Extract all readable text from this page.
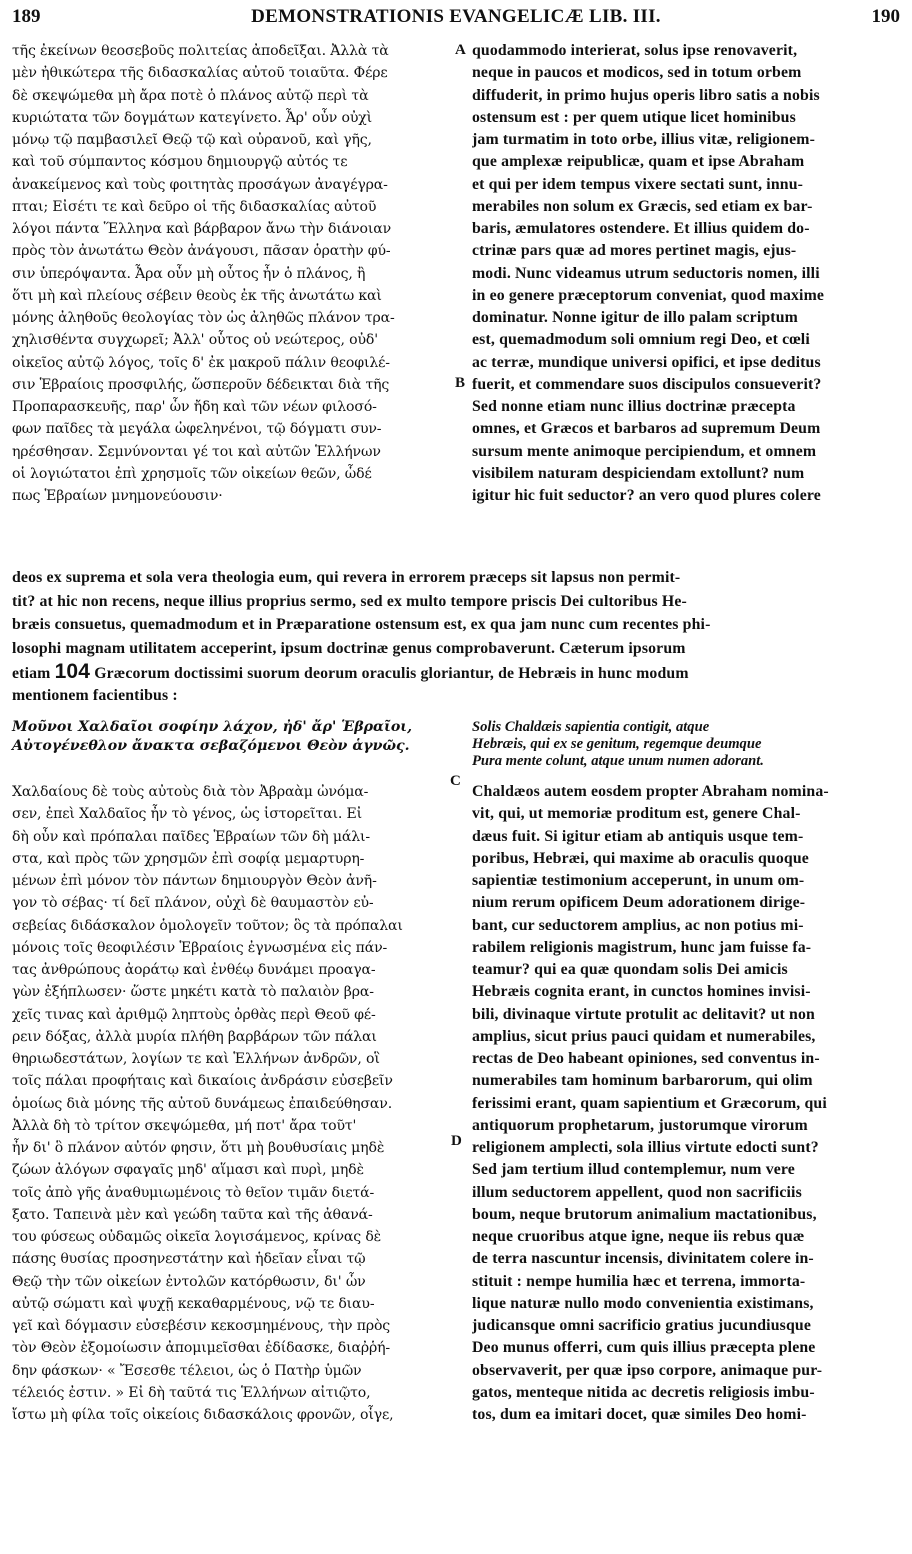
189	DEMONSTRATIONIS EVANGELICÆ LIB. III.	190
τῆς ἐκείνων θεοσεβοῦς πολιτείας ἀποδεῖξαι. Ἀλλὰ τὰ
μὲν ἠθικώτερα τῆς διδασκαλίας αὐτοῦ τοιαῦτα. Φέρε
δὲ σκεψώμεθα μὴ ἄρα ποτὲ ὁ πλάνος αὐτῷ περὶ τὰ
κυριώτατα τῶν δογμάτων κατεγίνετο. Ἆρ' οὖν οὐχὶ
μόνῳ τῷ παμβασιλεῖ Θεῷ τῷ καὶ οὐρανοῦ, καὶ γῆς,
καὶ τοῦ σύμπαντος κόσμου δημιουργῷ αὐτός τε
ἀνακείμενος καὶ τοὺς φοιτητὰς προσάγων ἀναγέγρα-
πται; Εἰσέτι τε καὶ δεῦρο οἱ τῆς διδασκαλίας αὐτοῦ
λόγοι πάντα Ἕλληνα καὶ βάρβαρον ἄνω τὴν διάνοιαν
πρὸς τὸν ἀνωτάτω Θεὸν ἀνάγουσι, πᾶσαν ὁρατὴν φύ-
σιν ὑπερόψαντα. Ἆρα οὖν μὴ οὗτος ἦν ὁ πλάνος, ἢ
ὅτι μὴ καὶ πλείους σέβειν θεοὺς ἐκ τῆς ἀνωτάτω καὶ
μόνης ἀληθοῦς θεολογίας τὸν ὡς ἀληθῶς πλάνον τρα-
χηλισθέντα συγχωρεῖ; Ἀλλ' οὗτος οὐ νεώτερος, οὐδ'
οἰκεῖος αὐτῷ λόγος, τοῖς δ' ἐκ μακροῦ πάλιν θεοφιλέ-
σιν Ἑβραίοις προσφιλής, ὥσπεροῦν δέδεικται διὰ τῆς
Προπαρασκευῆς, παρ' ὧν ἤδη καὶ τῶν νέων φιλοσό-
φων παῖδες τὰ μεγάλα ὠφεληνένοι, τῷ δόγματι συν-
ηρέσθησαν. Σεμνύνονται γέ τοι καὶ αὐτῶν Ἑλλήνων
οἱ λογιώτατοι ἐπὶ χρησμοῖς τῶν οἰκείων θεῶν, ὧδέ
πως Ἑβραίων μνημονεύουσιν·
quodammodo interierat, solus ipse renovaverit,
neque in paucos et modicos, sed in totum orbem
diffuderit, in primo hujus operis libro satis a nobis
ostensum est : per quem utique licet hominibus
jam turmatim in toto orbe, illius vitæ, religionem-
que amplexæ reipublicæ, quam et ipse Abraham
et qui per idem tempus vixere sectati sunt, innu-
merabiles non solum ex Græcis, sed etiam ex bar-
baris, æmulatores ostendere. Et illius quidem do-
ctrinæ pars quæ ad mores pertinet magis, ejus-
modi. Nunc videamus utrum seductoris nomen, illi
in eo genere præceptorum conveniat, quod maxime
dominatur. Nonne igitur de illo palam scriptum
est, quemadmodum soli omnium regi Deo, et cœli
ac terræ, mundique universi opifici, et ipse deditus
fuerit, et commendare suos discipulos consueverit?
Sed nonne etiam nunc illius doctrinæ præcepta
omnes, et Græcos et barbaros ad supremum Deum
sursum mente animoque percipiendum, et omnem
visibilem naturam despiciendam extollunt? num
igitur hic fuit seductor? an vero quod plures colere
A
B
deos ex suprema et sola vera theologia eum, qui revera in errorem præceps sit lapsus non permit-
tit? at hic non recens, neque illius proprius sermo, sed ex multo tempore priscis Dei cultoribus He-
bræis consuetus, quemadmodum et in Præparatione ostensum est, ex qua jam nunc cum recentes phi-
losophi magnam utilitatem acceperint, ipsum doctrinæ genus comprobaverunt. Cæterum ipsorum
etiam 104 Græcorum doctissimi suorum deorum oraculis gloriantur, de Hebræis in hunc modum
mentionem facientibus :
Μοῦνοι Χαλδαῖοι σοφίην λάχον, ἠδ' ἄρ' Ἑβραῖοι,
Αὐτογένεθλον ἄνακτα σεβαζόμενοι Θεὸν ἁγνῶς.
Solis Chaldæis sapientia contigit, atque
Hebræis, qui ex se genitum, regemque deumque
Pura mente colunt, atque unum numen adorant.
C
D
Χαλδαίους δὲ τοὺς αὐτοὺς διὰ τὸν Ἀβραὰμ ὠνόμα-
σεν, ἐπεὶ Χαλδαῖος ἦν τὸ γένος, ὡς ἱστορεῖται. Εἰ
δὴ οὖν καὶ πρόπαλαι παῖδες Ἑβραίων τῶν δὴ μάλι-
στα, καὶ πρὸς τῶν χρησμῶν ἐπὶ σοφίᾳ μεμαρτυρη-
μένων ἐπὶ μόνον τὸν πάντων δημιουργὸν Θεὸν ἀνῆ-
γον τὸ σέβας· τί δεῖ πλάνον, οὐχὶ δὲ θαυμαστὸν εὐ-
σεβείας διδάσκαλον ὁμολογεῖν τοῦτον; ὃς τὰ πρόπαλαι
μόνοις τοῖς θεοφιλέσιν Ἑβραίοις ἐγνωσμένα εἰς πάν-
τας ἀνθρώπους ἀοράτῳ καὶ ἐνθέῳ δυνάμει προαγα-
γὼν ἐξήπλωσεν· ὥστε μηκέτι κατὰ τὸ παλαιὸν βρα-
χεῖς τινας καὶ ἀριθμῷ ληπτοὺς ὀρθὰς περὶ Θεοῦ φέ-
ρειν δόξας, ἀλλὰ μυρία πλήθη βαρβάρων τῶν πάλαι
θηριωδεστάτων, λογίων τε καὶ Ἑλλήνων ἀνδρῶν, οἳ
τοῖς πάλαι προφήταις καὶ δικαίοις ἀνδράσιν εὐσεβεῖν
ὁμοίως διὰ μόνης τῆς αὐτοῦ δυνάμεως ἐπαιδεύθησαν.
Ἀλλὰ δὴ τὸ τρίτον σκεψώμεθα, μή ποτ' ἄρα τοῦτ'
ἦν δι' ὃ πλάνον αὐτόν φησιν, ὅτι μὴ βουθυσίαις μηδὲ
ζώων ἀλόγων σφαγαῖς μηδ' αἵμασι καὶ πυρὶ, μηδὲ
τοῖς ἀπὸ γῆς ἀναθυμιωμένοις τὸ θεῖον τιμᾶν διετά-
ξατο. Ταπεινὰ μὲν καὶ γεώδη ταῦτα καὶ τῆς ἀθανά-
του φύσεως οὐδαμῶς οἰκεῖα λογισάμενος, κρίνας δὲ
πάσης θυσίας προσηνεστάτην καὶ ἡδεῖαν εἶναι τῷ
Θεῷ τὴν τῶν οἰκείων ἐντολῶν κατόρθωσιν, δι' ὧν
αὐτῷ σώματι καὶ ψυχῇ κεκαθαρμένους, νῷ τε διαυ-
γεῖ καὶ δόγμασιν εὐσεβέσιν κεκοσμημένους, τὴν πρὸς
τὸν Θεὸν ἐξομοίωσιν ἀπομιμεῖσθαι ἐδίδασκε, διαῤῥή-
δην φάσκων· « Ἔσεσθε τέλειοι, ὡς ὁ Πατὴρ ὑμῶν
τέλειός ἐστιν. » Εἰ δὴ ταῦτά τις Ἑλλήνων αἰτιῷτο,
ἴστω μὴ φίλα τοῖς οἰκείοις διδασκάλοις φρονῶν, οἷγε,
Chaldæos autem eosdem propter Abraham nomina-
vit, qui, ut memoriæ proditum est, genere Chal-
dæus fuit. Si igitur etiam ab antiquis usque tem-
poribus, Hebræi, qui maxime ab oraculis quoque
sapientiæ testimonium acceperunt, in unum om-
nium rerum opificem Deum adorationem dirige-
bant, cur seductorem amplius, ac non potius mi-
rabilem religionis magistrum, hunc jam fuisse fa-
teamur? qui ea quæ quondam solis Dei amicis
Hebræis cognita erant, in cunctos homines invisi-
bili, divinaque virtute protulit ac delitavit? ut non
amplius, sicut prius pauci quidam et numerabiles,
rectas de Deo habeant opiniones, sed conventus in-
numerabiles tam hominum barbarorum, qui olim
ferissimi erant, quam sapientium et Græcorum, qui
antiquorum prophetarum, justorumque virorum
religionem amplecti, sola illius virtute edocti sunt?
Sed jam tertium illud contemplemur, num vere
illum seductorem appellent, quod non sacrificiis
boum, neque brutorum animalium mactationibus,
neque cruoribus atque igne, neque iis rebus quæ
de terra nascuntur incensis, divinitatem colere in-
stituit : nempe humilia hæc et terrena, immorta-
lique naturæ nullo modo convenientia existimans,
judicansque omni sacrificio gratius jucundiusque
Deo munus offerri, cum quis illius præcepta plene
observaverit, per quæ ipso corpore, animaque pur-
gatos, menteque nitida ac decretis religiosis imbu-
tos, dum ea imitari docet, quæ similes Deo homi-
